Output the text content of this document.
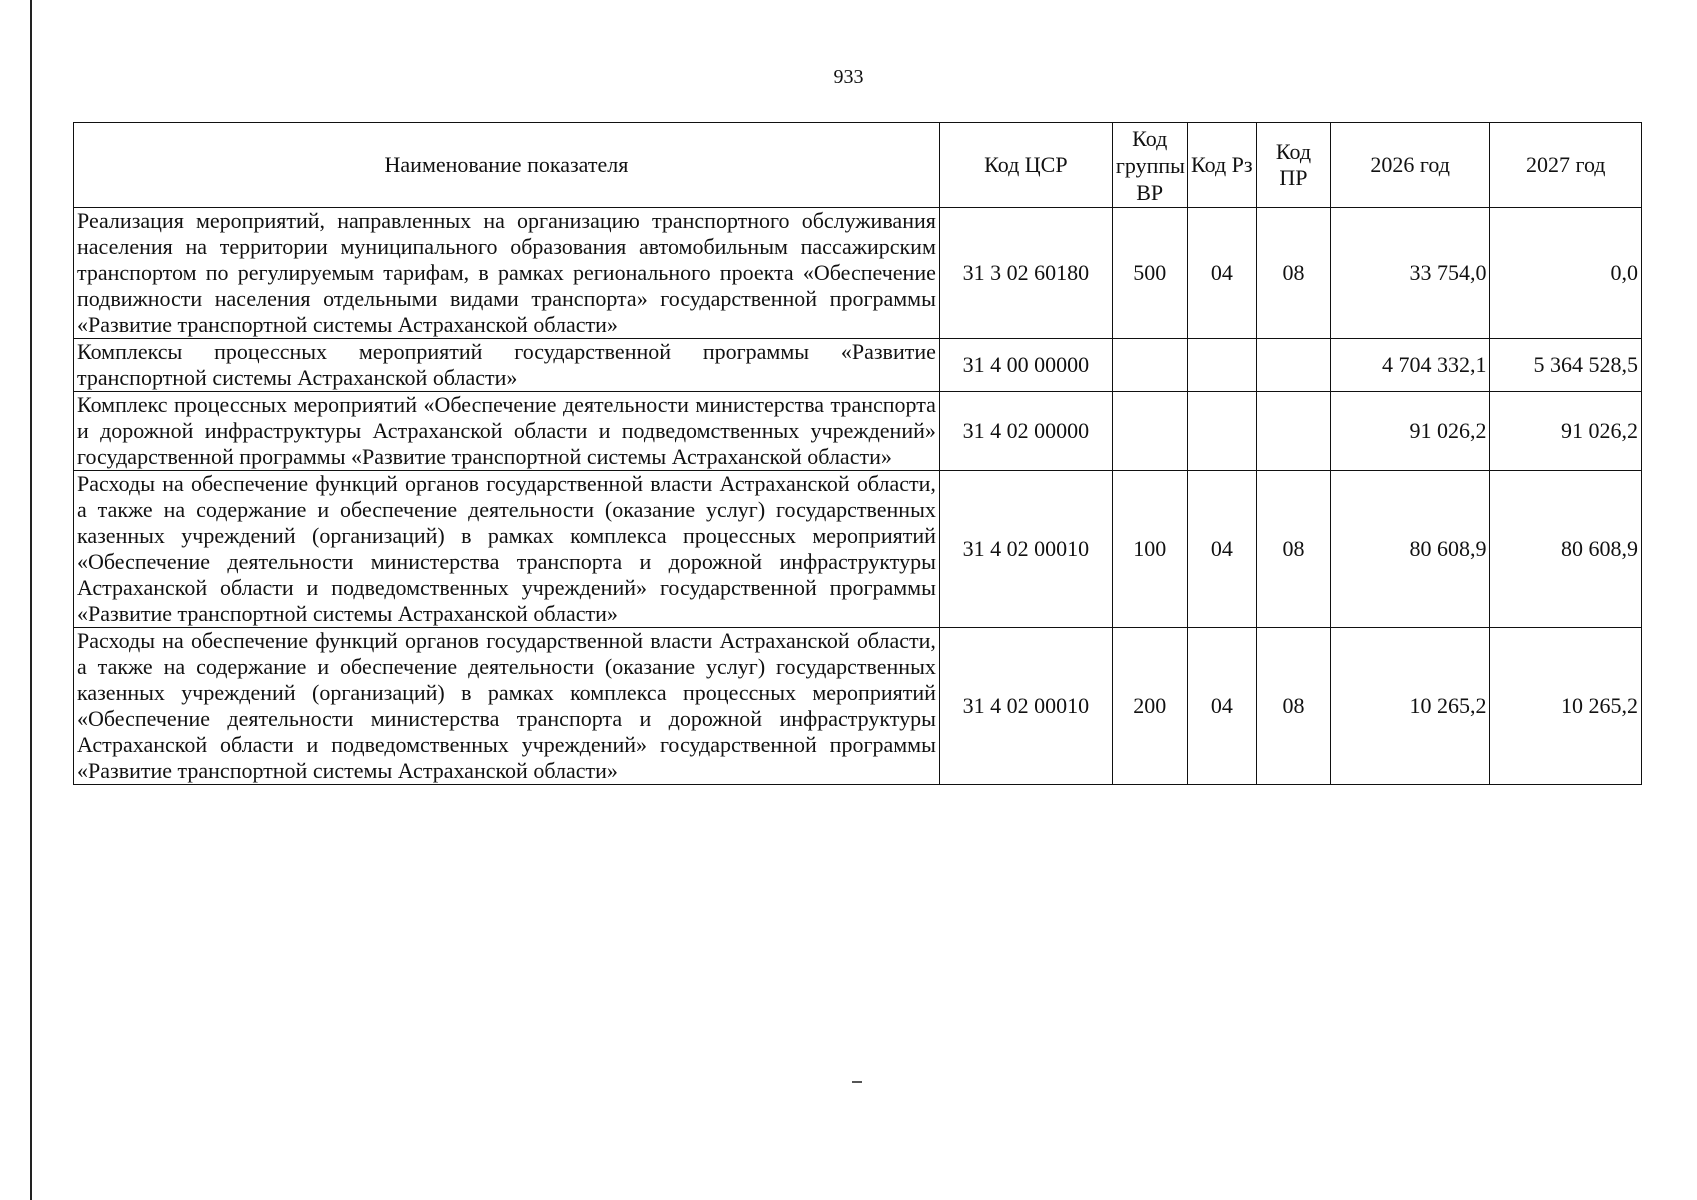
933
Наименование показателя	Код ЦСР	Код группы ВР	Код Рз	Код ПР	2026 год	2027 год
Реализация мероприятий, направленных на организацию транспортного обслуживания населения на территории муниципального образования автомобильным пассажирским транспортом по регулируемым тарифам, в рамках регионального проекта «Обеспечение подвижности населения отдельными видами транспорта» государственной программы «Развитие транспортной системы Астраханской области»	31 3 02 60180	500	04	08	33 754,0	0,0
Комплексы процессных мероприятий государственной программы «Развитие транспортной системы Астраханской области»	31 4 00 00000				4 704 332,1	5 364 528,5
Комплекс процессных мероприятий «Обеспечение деятельности министерства транспорта и дорожной инфраструктуры Астраханской области и подведомственных учреждений» государственной программы «Развитие транспортной системы Астраханской области»	31 4 02 00000				91 026,2	91 026,2
Расходы на обеспечение функций органов государственной власти Астраханской области, а также на содержание и обеспечение деятельности (оказание услуг) государственных казенных учреждений (организаций) в рамках комплекса процессных мероприятий «Обеспечение деятельности министерства транспорта и дорожной инфраструктуры Астраханской области и подведомственных учреждений» государственной программы «Развитие транспортной системы Астраханской области»	31 4 02 00010	100	04	08	80 608,9	80 608,9
Расходы на обеспечение функций органов государственной власти Астраханской области, а также на содержание и обеспечение деятельности (оказание услуг) государственных казенных учреждений (организаций) в рамках комплекса процессных мероприятий «Обеспечение деятельности министерства транспорта и дорожной инфраструктуры Астраханской области и подведомственных учреждений» государственной программы «Развитие транспортной системы Астраханской области»	31 4 02 00010	200	04	08	10 265,2	10 265,2
